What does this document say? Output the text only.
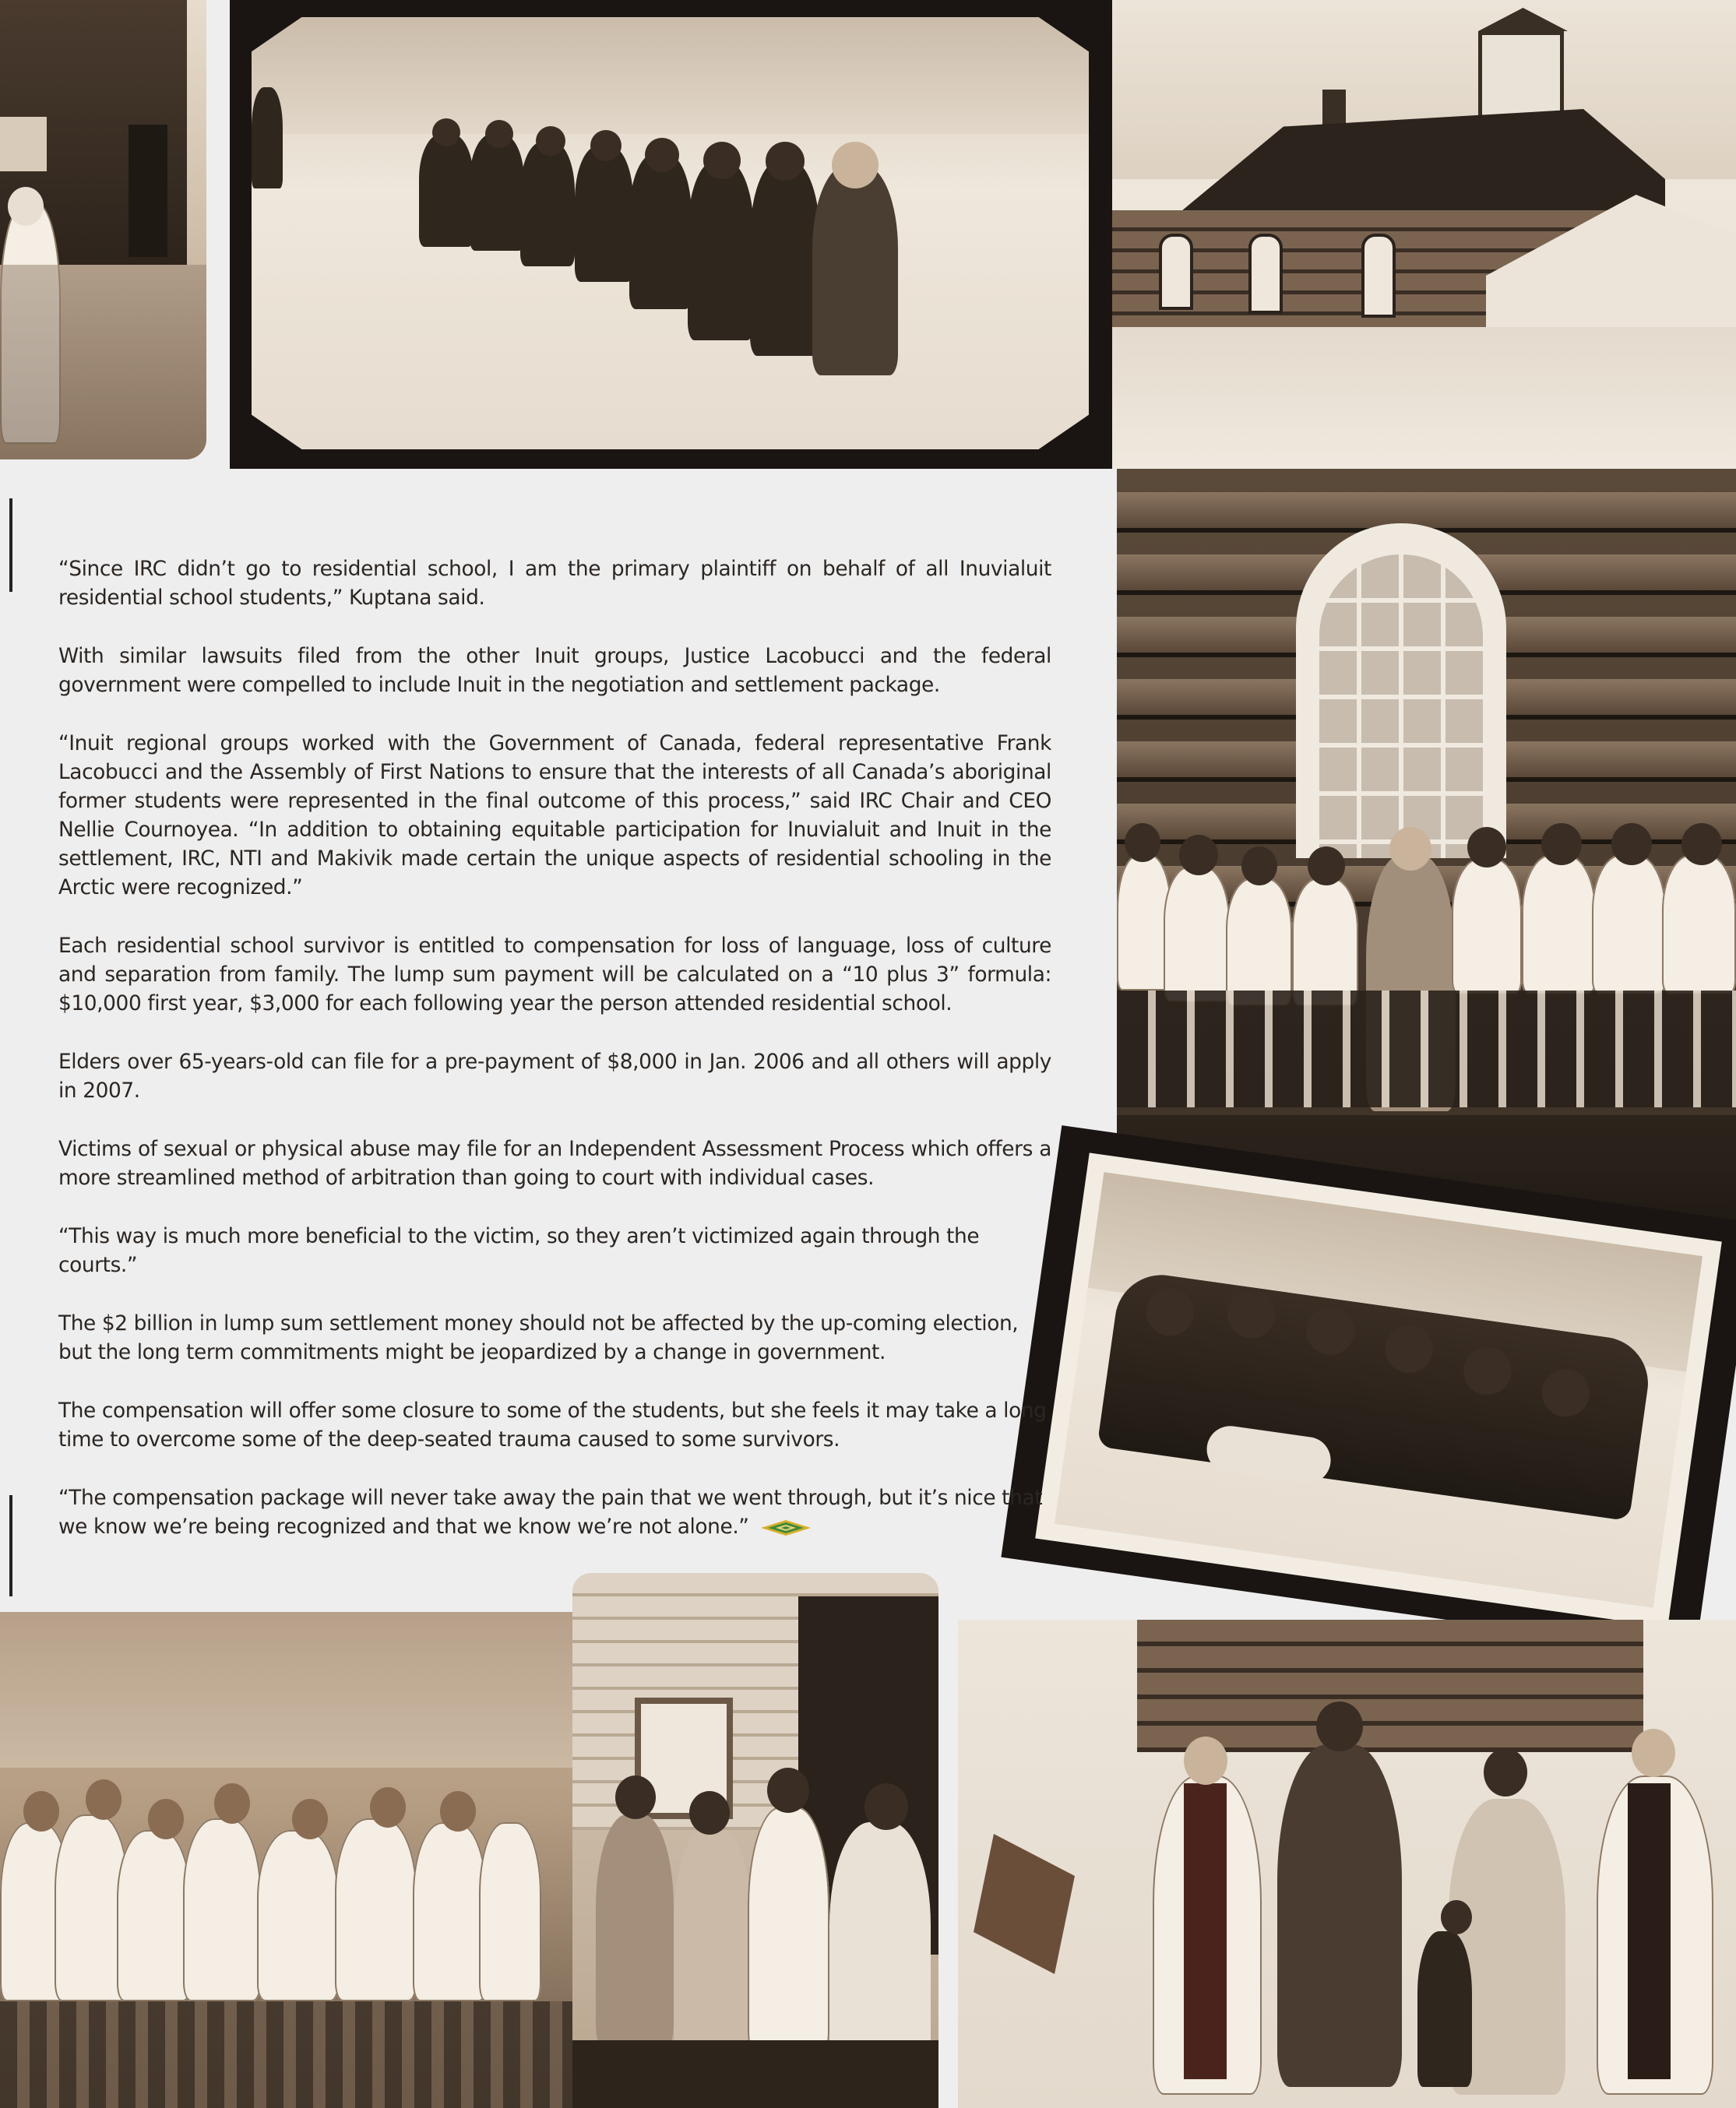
“Since IRC didn’t go to residential school, I am the primary plaintiff on behalf of all Inuvialuit residential school students,” Kuptana said.

With similar lawsuits filed from the other Inuit groups, Justice Lacobucci and the federal government were compelled to include Inuit in the negotiation and settlement package.

“Inuit regional groups worked with the Government of Canada, federal representative Frank Lacobucci and the Assembly of First Nations to ensure that the interests of all Canada’s aboriginal former students were represented in the final outcome of this process,” said IRC Chair and CEO Nellie Cournoyea. “In addition to obtaining equitable participation for Inuvialuit and Inuit in the settlement, IRC, NTI and Makivik made certain the unique aspects of residential schooling in the Arctic were recognized.”

Each residential school survivor is entitled to compensation for loss of language, loss of culture and separation from family. The lump sum payment will be calculated on a “10 plus 3” formula: $10,000 first year, $3,000 for each following year the person attended residential school.

Elders over 65-years-old can file for a pre-payment of $8,000 in Jan. 2006 and all others will apply in 2007.

Victims of sexual or physical abuse may file for an Independent Assessment Process which offers a more streamlined method of arbitration than going to court with individual cases.

“This way is much more beneficial to the victim, so they aren’t victimized again through the courts.”

The $2 billion in lump sum settlement money should not be affected by the up-coming election, but the long term commitments might be jeopardized by a change in government.

The compensation will offer some closure to some of the students, but she feels it may take a long time to overcome some of the deep-seated trauma caused to some survivors.

“The compensation package will never take away the pain that we went through, but it’s nice that we know we’re being recognized and that we know we’re not alone.”
